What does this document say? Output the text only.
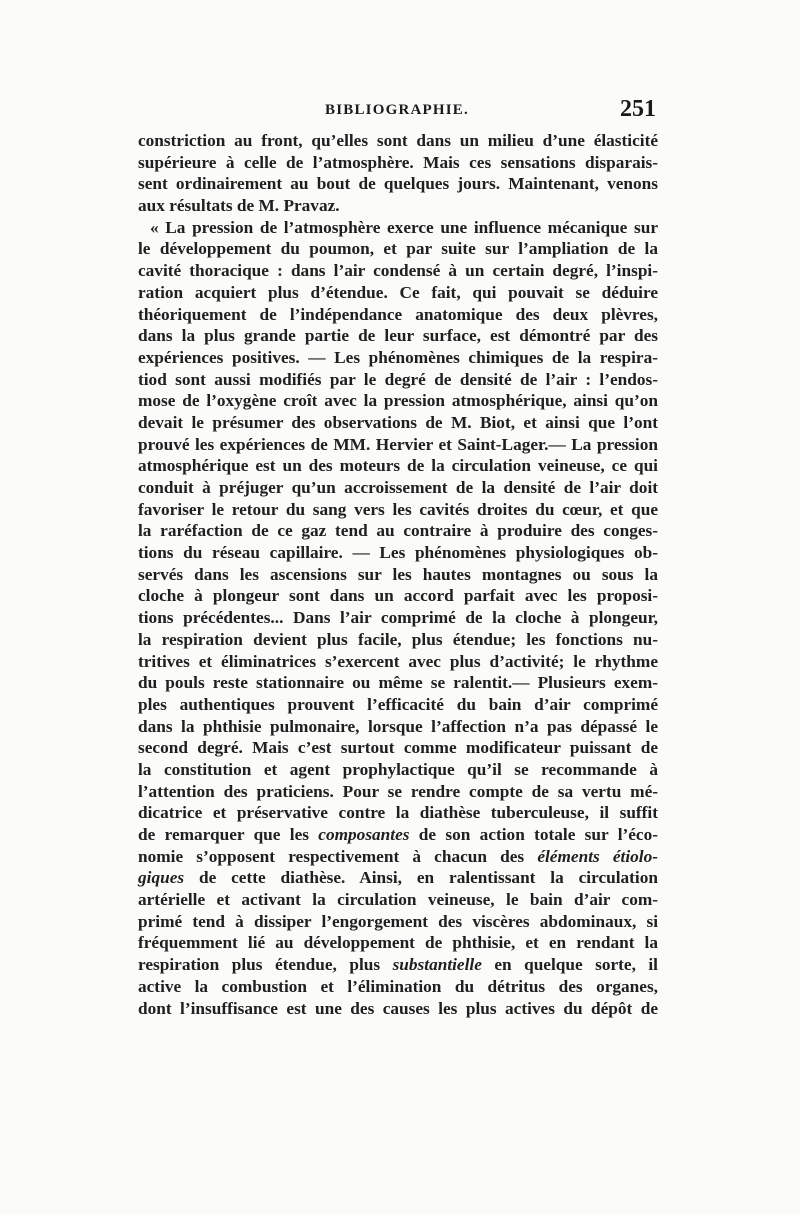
BIBLIOGRAPHIE.	251
constriction au front, qu’elles sont dans un milieu d’une élasticité
supérieure à celle de l’atmosphère. Mais ces sensations disparais-
sent ordinairement au bout de quelques jours. Maintenant, venons
aux résultats de M. Pravaz.
« La pression de l’atmosphère exerce une influence mécanique sur
le développement du poumon, et par suite sur l’ampliation de la
cavité thoracique : dans l’air condensé à un certain degré, l’inspi-
ration acquiert plus d’étendue. Ce fait, qui pouvait se déduire
théoriquement de l’indépendance anatomique des deux plèvres,
dans la plus grande partie de leur surface, est démontré par des
expériences positives. — Les phénomènes chimiques de la respira-
tiod sont aussi modifiés par le degré de densité de l’air : l’endos-
mose de l’oxygène croît avec la pression atmosphérique, ainsi qu’on
devait le présumer des observations de M. Biot, et ainsi que l’ont
prouvé les expériences de MM. Hervier et Saint-Lager.— La pression
atmosphérique est un des moteurs de la circulation veineuse, ce qui
conduit à préjuger qu’un accroissement de la densité de l’air doit
favoriser le retour du sang vers les cavités droites du cœur, et que
la raréfaction de ce gaz tend au contraire à produire des conges-
tions du réseau capillaire. — Les phénomènes physiologiques ob-
servés dans les ascensions sur les hautes montagnes ou sous la
cloche à plongeur sont dans un accord parfait avec les proposi-
tions précédentes... Dans l’air comprimé de la cloche à plongeur,
la respiration devient plus facile, plus étendue; les fonctions nu-
tritives et éliminatrices s’exercent avec plus d’activité; le rhythme
du pouls reste stationnaire ou même se ralentit.— Plusieurs exem-
ples authentiques prouvent l’efficacité du bain d’air comprimé
dans la phthisie pulmonaire, lorsque l’affection n’a pas dépassé le
second degré. Mais c’est surtout comme modificateur puissant de
la constitution et agent prophylactique qu’il se recommande à
l’attention des praticiens. Pour se rendre compte de sa vertu mé-
dicatrice et préservative contre la diathèse tuberculeuse, il suffit
de remarquer que les composantes de son action totale sur l’éco-
nomie s’opposent respectivement à chacun des éléments étiolo-
giques de cette diathèse. Ainsi, en ralentissant la circulation
artérielle et activant la circulation veineuse, le bain d’air com-
primé tend à dissiper l’engorgement des viscères abdominaux, si
fréquemment lié au développement de phthisie, et en rendant la
respiration plus étendue, plus substantielle en quelque sorte, il
active la combustion et l’élimination du détritus des organes,
dont l’insuffisance est une des causes les plus actives du dépôt de
